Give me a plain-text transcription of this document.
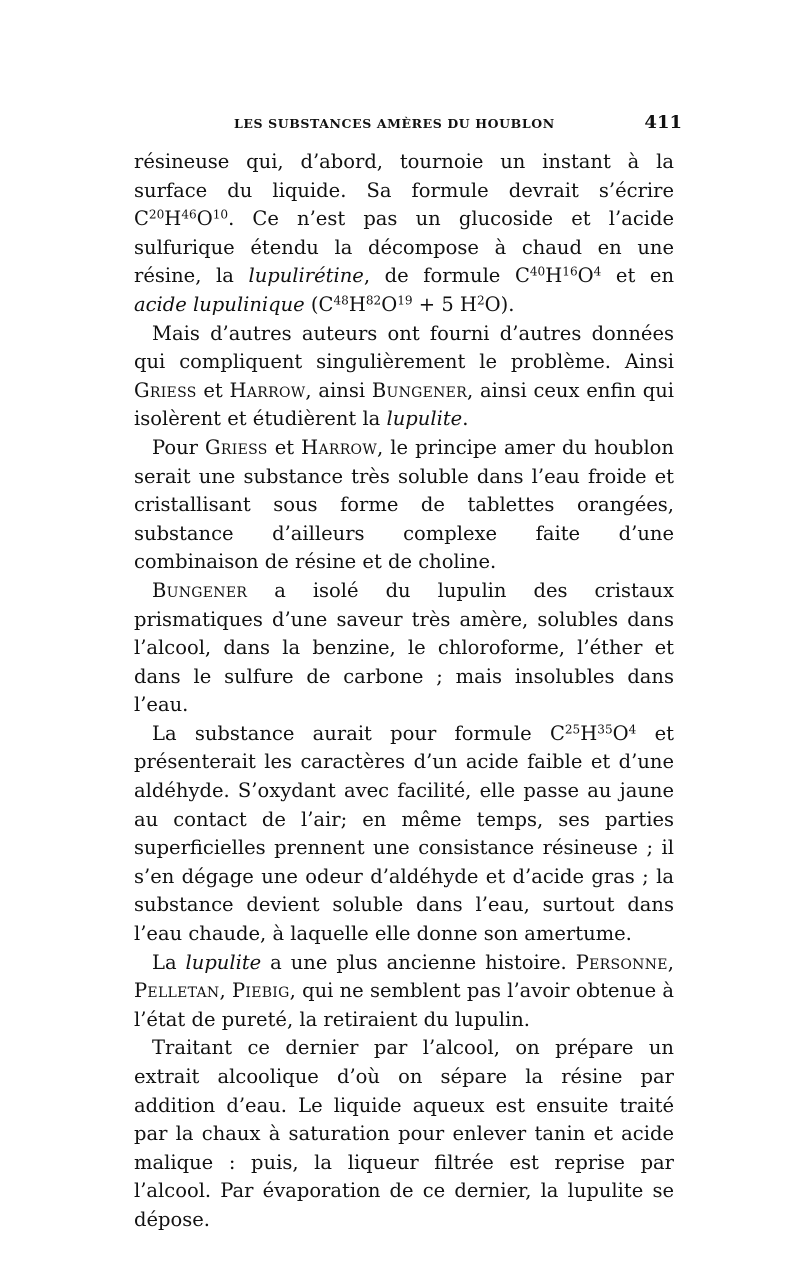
LES SUBSTANCES AMÈRES DU HOUBLON	411

résineuse qui, d’abord, tournoie un instant à la surface du liquide. Sa formule devrait s’écrire $C^{20}H^{46}O^{10}$. Ce n’est pas un glucoside et l’acide sulfurique étendu la décompose à chaud en une résine, la lupulirétine, de formule $C^{40}H^{16}O^4$ et en acide lupulinique ($C^{48}H^{82}O^{19} + 5$ $H^2O$).

Mais d’autres auteurs ont fourni d’autres données qui compliquent singulièrement le problème. Ainsi Griess et Harrow, ainsi Bungener, ainsi ceux enfin qui isolèrent et étudièrent la lupulite.

Pour Griess et Harrow, le principe amer du houblon serait une substance très soluble dans l’eau froide et cristallisant sous forme de tablettes orangées, substance d’ailleurs complexe faite d’une combinaison de résine et de choline.

Bungener a isolé du lupulin des cristaux prismatiques d’une saveur très amère, solubles dans l’alcool, dans la benzine, le chloroforme, l’éther et dans le sulfure de carbone ; mais insolubles dans l’eau.

La substance aurait pour formule $C^{25}H^{35}O^4$ et présenterait les caractères d’un acide faible et d’une aldéhyde. S’oxydant avec facilité, elle passe au jaune au contact de l’air; en même temps, ses parties superficielles prennent une consistance résineuse ; il s’en dégage une odeur d’aldéhyde et d’acide gras ; la substance devient soluble dans l’eau, surtout dans l’eau chaude, à laquelle elle donne son amertume.

La lupulite a une plus ancienne histoire. Personne, Pelletan, Piebig, qui ne semblent pas l’avoir obtenue à l’état de pureté, la retiraient du lupulin.

Traitant ce dernier par l’alcool, on prépare un extrait alcoolique d’où on sépare la résine par addition d’eau. Le liquide aqueux est ensuite traité par la chaux à saturation pour enlever tanin et acide malique : puis, la liqueur filtrée est reprise par l’alcool. Par évaporation de ce dernier, la lupulite se dépose.
